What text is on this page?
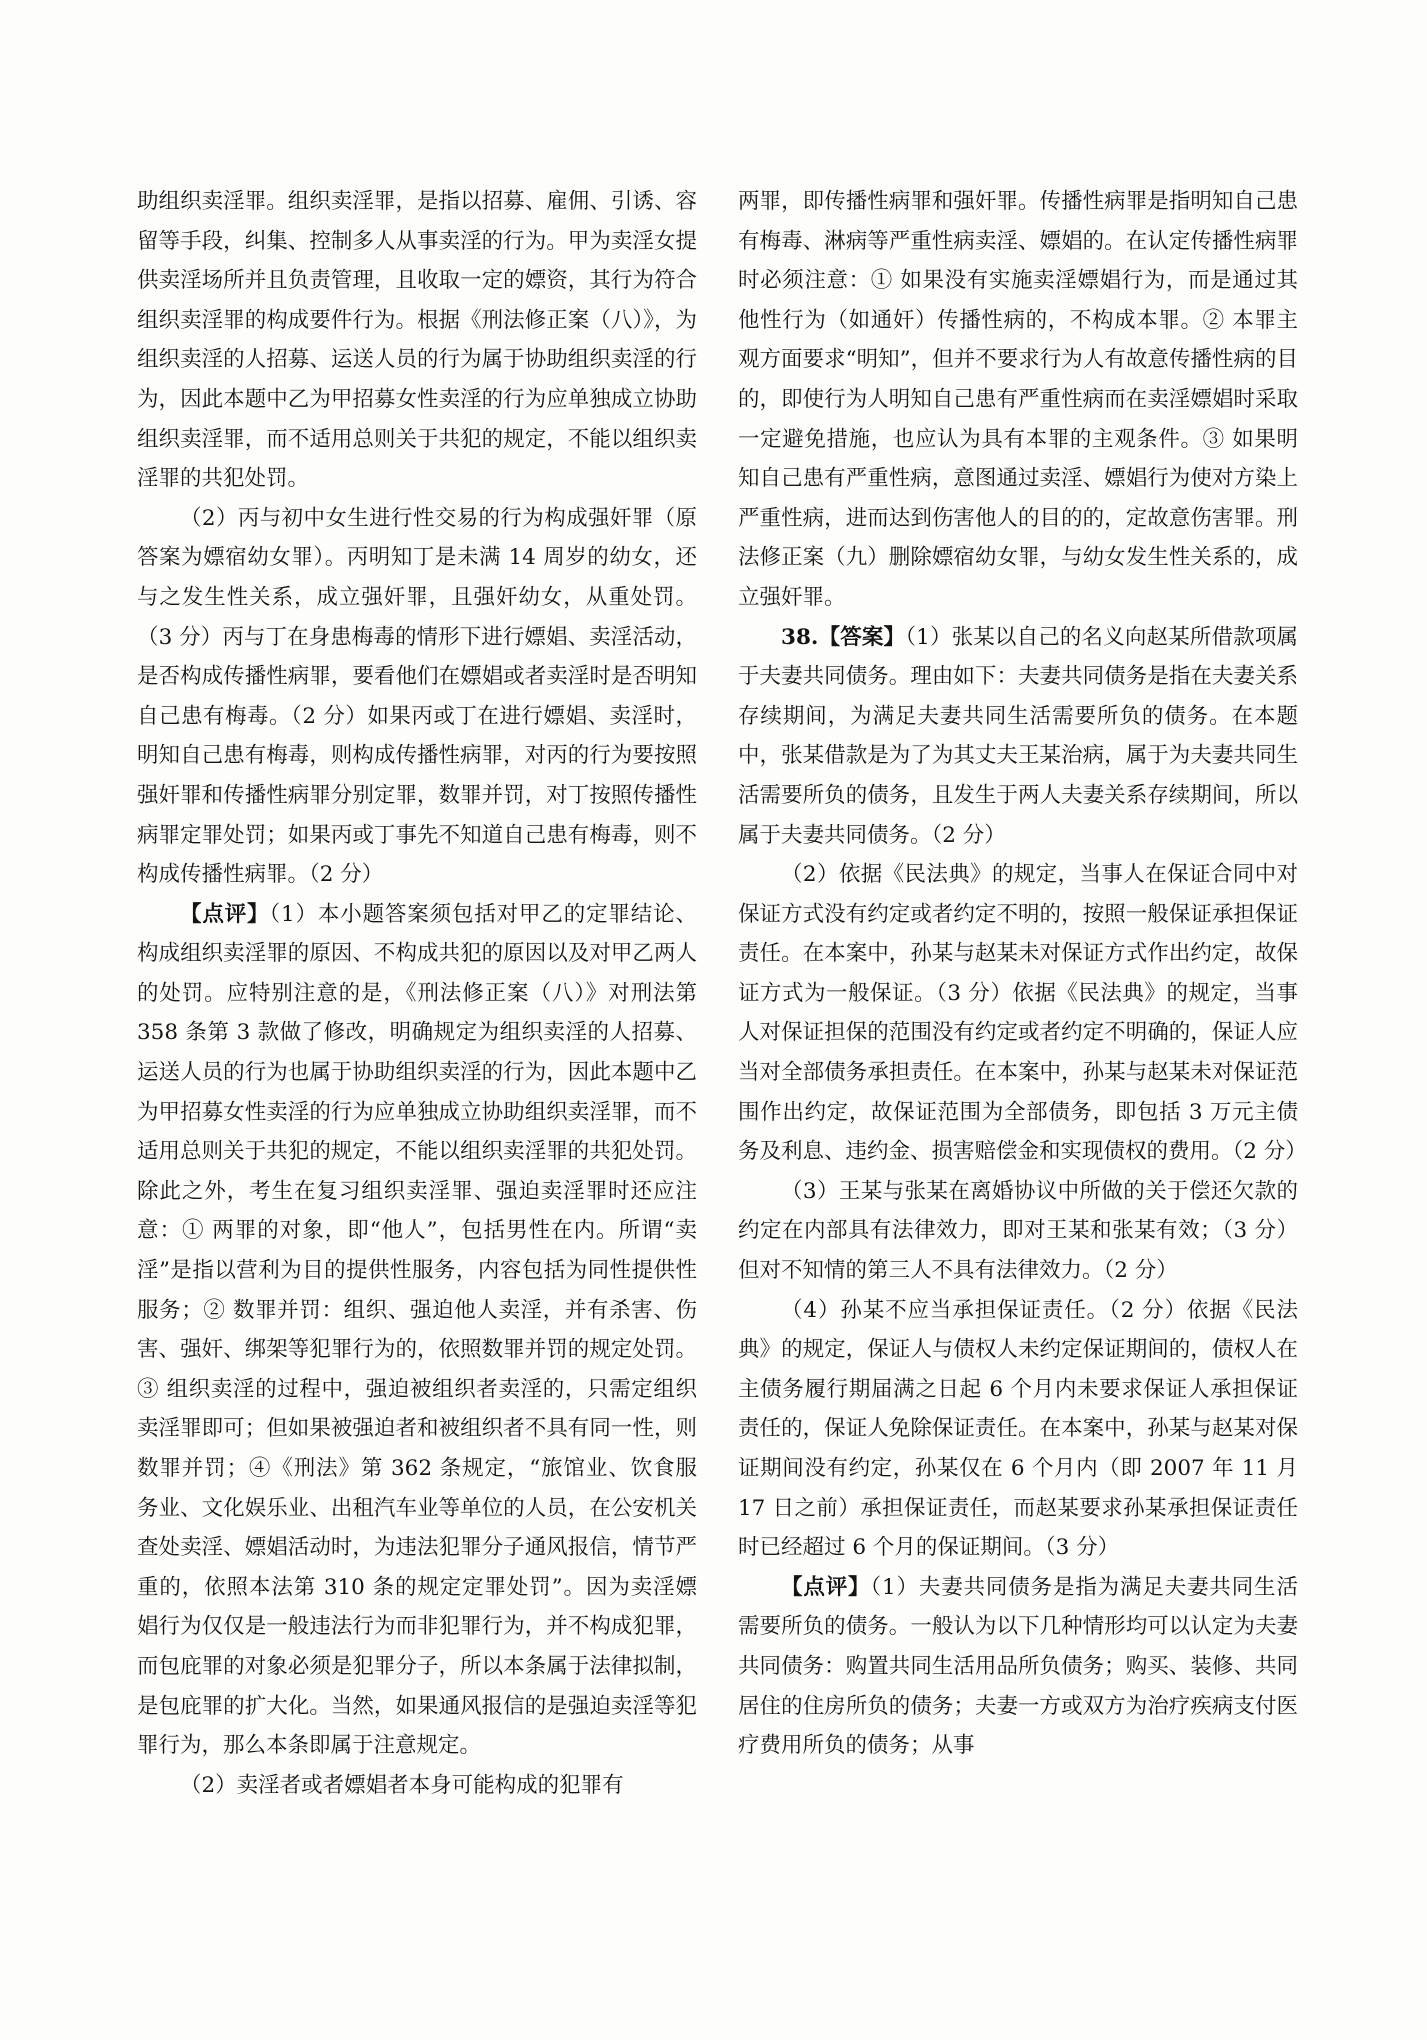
助组织卖淫罪。组织卖淫罪，是指以招募、雇佣、引诱、容留等手段，纠集、控制多人从事卖淫的行为。甲为卖淫女提供卖淫场所并且负责管理，且收取一定的嫖资，其行为符合组织卖淫罪的构成要件行为。根据《刑法修正案（八）》，为组织卖淫的人招募、运送人员的行为属于协助组织卖淫的行为，因此本题中乙为甲招募女性卖淫的行为应单独成立协助组织卖淫罪，而不适用总则关于共犯的规定，不能以组织卖淫罪的共犯处罚。

（2）丙与初中女生进行性交易的行为构成强奸罪（原答案为嫖宿幼女罪）。丙明知丁是未满 14 周岁的幼女，还与之发生性关系，成立强奸罪，且强奸幼女，从重处罚。（3 分）丙与丁在身患梅毒的情形下进行嫖娼、卖淫活动，是否构成传播性病罪，要看他们在嫖娼或者卖淫时是否明知自己患有梅毒。（2 分）如果丙或丁在进行嫖娼、卖淫时，明知自己患有梅毒，则构成传播性病罪，对丙的行为要按照强奸罪和传播性病罪分别定罪，数罪并罚，对丁按照传播性病罪定罪处罚；如果丙或丁事先不知道自己患有梅毒，则不构成传播性病罪。（2 分）

【点评】（1）本小题答案须包括对甲乙的定罪结论、构成组织卖淫罪的原因、不构成共犯的原因以及对甲乙两人的处罚。应特别注意的是，《刑法修正案（八）》对刑法第 358 条第 3 款做了修改，明确规定为组织卖淫的人招募、运送人员的行为也属于协助组织卖淫的行为，因此本题中乙为甲招募女性卖淫的行为应单独成立协助组织卖淫罪，而不适用总则关于共犯的规定，不能以组织卖淫罪的共犯处罚。除此之外，考生在复习组织卖淫罪、强迫卖淫罪时还应注意：① 两罪的对象，即“他人”，包括男性在内。所谓“卖淫”是指以营利为目的提供性服务，内容包括为同性提供性服务；② 数罪并罚：组织、强迫他人卖淫，并有杀害、伤害、强奸、绑架等犯罪行为的，依照数罪并罚的规定处罚。③ 组织卖淫的过程中，强迫被组织者卖淫的，只需定组织卖淫罪即可；但如果被强迫者和被组织者不具有同一性，则数罪并罚；④《刑法》第 362 条规定，“旅馆业、饮食服务业、文化娱乐业、出租汽车业等单位的人员，在公安机关查处卖淫、嫖娼活动时，为违法犯罪分子通风报信，情节严重的，依照本法第 310 条的规定定罪处罚”。因为卖淫嫖娼行为仅仅是一般违法行为而非犯罪行为，并不构成犯罪，而包庇罪的对象必须是犯罪分子，所以本条属于法律拟制，是包庇罪的扩大化。当然，如果通风报信的是强迫卖淫等犯罪行为，那么本条即属于注意规定。

（2）卖淫者或者嫖娼者本身可能构成的犯罪有

两罪，即传播性病罪和强奸罪。传播性病罪是指明知自己患有梅毒、淋病等严重性病卖淫、嫖娼的。在认定传播性病罪时必须注意：① 如果没有实施卖淫嫖娼行为，而是通过其他性行为（如通奸）传播性病的，不构成本罪。② 本罪主观方面要求“明知”，但并不要求行为人有故意传播性病的目的，即使行为人明知自己患有严重性病而在卖淫嫖娼时采取一定避免措施，也应认为具有本罪的主观条件。③ 如果明知自己患有严重性病，意图通过卖淫、嫖娼行为使对方染上严重性病，进而达到伤害他人的目的的，定故意伤害罪。刑法修正案（九）删除嫖宿幼女罪，与幼女发生性关系的，成立强奸罪。

38.【答案】（1）张某以自己的名义向赵某所借款项属于夫妻共同债务。理由如下：夫妻共同债务是指在夫妻关系存续期间，为满足夫妻共同生活需要所负的债务。在本题中，张某借款是为了为其丈夫王某治病，属于为夫妻共同生活需要所负的债务，且发生于两人夫妻关系存续期间，所以属于夫妻共同债务。（2 分）

（2）依据《民法典》的规定，当事人在保证合同中对保证方式没有约定或者约定不明的，按照一般保证承担保证责任。在本案中，孙某与赵某未对保证方式作出约定，故保证方式为一般保证。（3 分）依据《民法典》的规定，当事人对保证担保的范围没有约定或者约定不明确的，保证人应当对全部债务承担责任。在本案中，孙某与赵某未对保证范围作出约定，故保证范围为全部债务，即包括 3 万元主债务及利息、违约金、损害赔偿金和实现债权的费用。（2 分）

（3）王某与张某在离婚协议中所做的关于偿还欠款的约定在内部具有法律效力，即对王某和张某有效；（3 分）但对不知情的第三人不具有法律效力。（2 分）

（4）孙某不应当承担保证责任。（2 分）依据《民法典》的规定，保证人与债权人未约定保证期间的，债权人在主债务履行期届满之日起 6 个月内未要求保证人承担保证责任的，保证人免除保证责任。在本案中，孙某与赵某对保证期间没有约定，孙某仅在 6 个月内（即 2007 年 11 月 17 日之前）承担保证责任，而赵某要求孙某承担保证责任时已经超过 6 个月的保证期间。（3 分）

【点评】（1）夫妻共同债务是指为满足夫妻共同生活需要所负的债务。一般认为以下几种情形均可以认定为夫妻共同债务：购置共同生活用品所负债务；购买、装修、共同居住的住房所负的债务；夫妻一方或双方为治疗疾病支付医疗费用所负的债务；从事
